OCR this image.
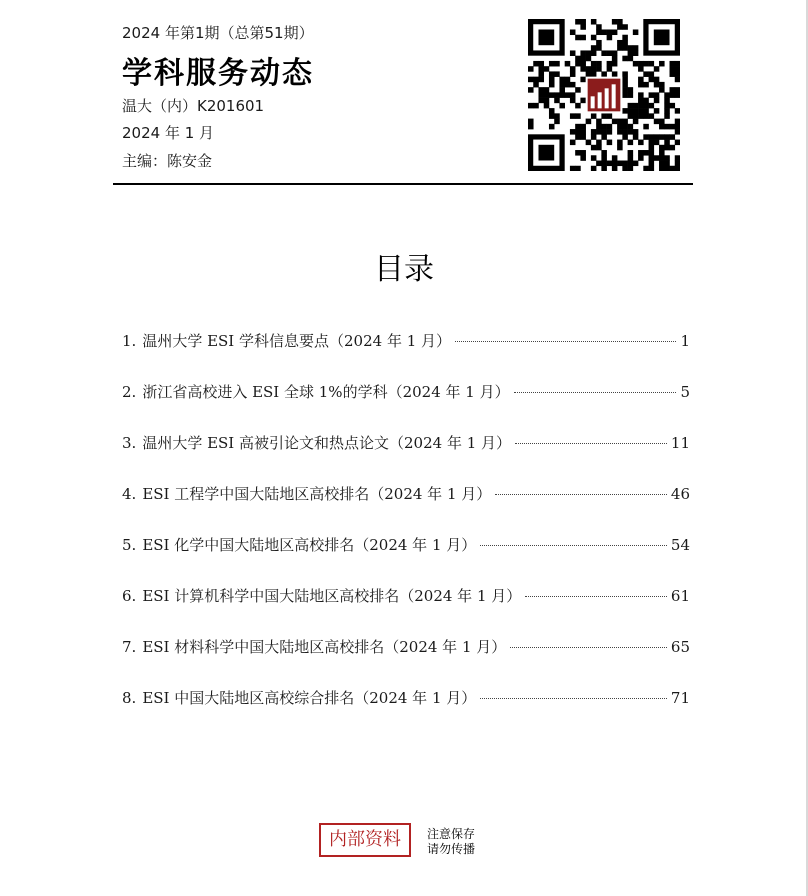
2024 年第1期（总第51期）
学科服务动态
温大（内）K201601
2024 年 1 月
主编：陈安金
目录
1. 温州大学 ESI 学科信息要点（2024 年 1 月）	1
2. 浙江省高校进入 ESI 全球 1%的学科（2024 年 1 月）	5
3. 温州大学 ESI 高被引论文和热点论文（2024 年 1 月）	11
4. ESI 工程学中国大陆地区高校排名（2024 年 1 月）	46
5. ESI 化学中国大陆地区高校排名（2024 年 1 月）	54
6. ESI 计算机科学中国大陆地区高校排名（2024 年 1 月）	61
7. ESI 材料科学中国大陆地区高校排名（2024 年 1 月）	65
8. ESI 中国大陆地区高校综合排名（2024 年 1 月）	71
内部资料	注意保存
请勿传播
